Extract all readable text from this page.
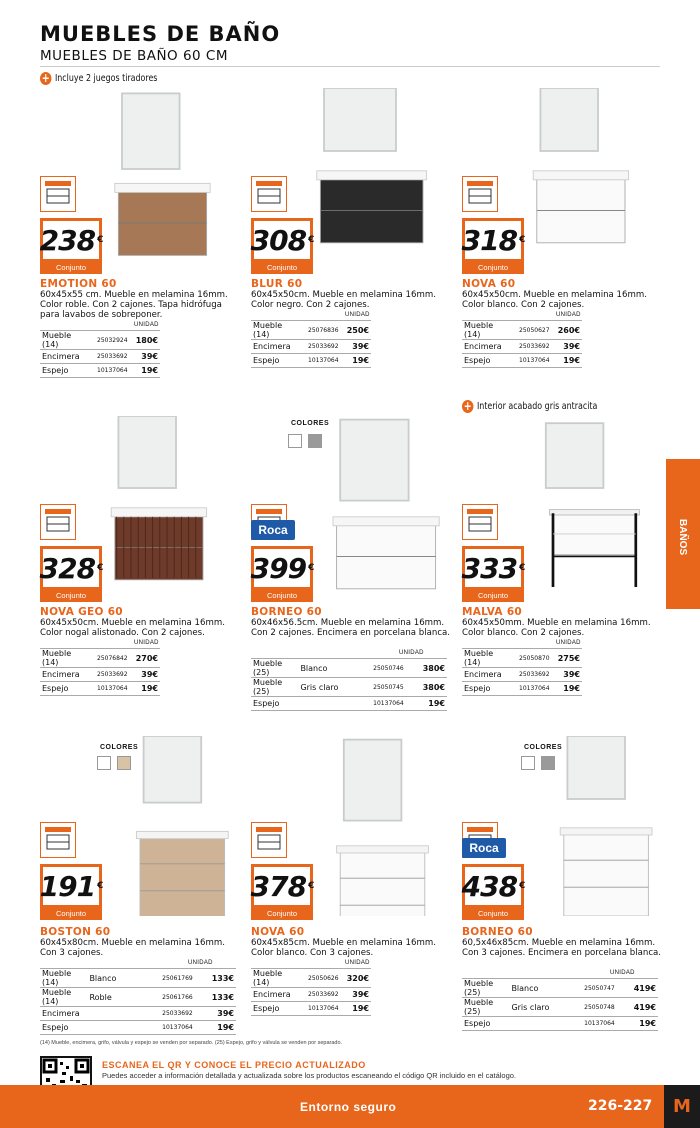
MUEBLES DE BAÑO
MUEBLES DE BAÑO 60 CM
+ Incluye 2 juegos tiradores
+ Interior acabado gris antracita
BAÑOS
238 €
Conjunto
EMOTION 60
60x45x55 cm. Mueble en melamina 16mm. Color roble. Con 2 cajones. Tapa hidrófuga para lavabos de sobreponer.
UNIDAD
Mueble (14)		25032924	180€
Encimera		25033692	39€
Espejo		10137064	19€
308 €
Conjunto
BLUR 60
60x45x50cm. Mueble en melamina 16mm. Color negro. Con 2 cajones.
UNIDAD
Mueble (14)		25076836	250€
Encimera		25033692	39€
Espejo		10137064	19€
318 €
Conjunto
NOVA 60
60x45x50cm. Mueble en melamina 16mm. Color blanco. Con 2 cajones.
UNIDAD
Mueble (14)		25050627	260€
Encimera		25033692	39€
Espejo		10137064	19€
328 €
Conjunto
NOVA GEO 60
60x45x50cm. Mueble en melamina 16mm. Color nogal alistonado. Con 2 cajones.
UNIDAD
Mueble (14)		25076842	270€
Encimera		25033692	39€
Espejo		10137064	19€
COLORES
Roca
399 €
Conjunto
BORNEO 60
60x46x56.5cm. Mueble en melamina 16mm. Con 2 cajones. Encimera en porcelana blanca.
UNIDAD
Mueble (25)	Blanco	25050746	380€
Mueble (25)	Gris claro	25050745	380€
Espejo		10137064	19€
333 €
Conjunto
MALVA 60
60x45x50mm. Mueble en melamina 16mm. Color blanco. Con 2 cajones.
UNIDAD
Mueble (14)		25050870	275€
Encimera		25033692	39€
Espejo		10137064	19€
COLORES
191 €
Conjunto
BOSTON 60
60x45x80cm. Mueble en melamina 16mm. Con 3 cajones.
UNIDAD
Mueble (14)	Blanco	25061769	133€
Mueble (14)	Roble	25061766	133€
Encimera		25033692	39€
Espejo		10137064	19€
378 €
Conjunto
NOVA 60
60x45x85cm. Mueble en melamina 16mm. Color blanco. Con 3 cajones.
UNIDAD
Mueble (14)		25050626	320€
Encimera		25033692	39€
Espejo		10137064	19€
COLORES
Roca
438 €
Conjunto
BORNEO 60
60,5x46x85cm. Mueble en melamina 16mm. Con 3 cajones. Encimera en porcelana blanca.
UNIDAD
Mueble (25)	Blanco	25050747	419€
Mueble (25)	Gris claro	25050748	419€
Espejo		10137064	19€
(14) Mueble, encimera, grifo, válvula y espejo se venden por separado. (25) Espejo, grifo y válvula se venden por separado.
ESCANEA EL QR Y CONOCE EL PRECIO ACTUALIZADO
Puedes acceder a información detallada y actualizada sobre los productos escaneando el código QR incluido en el catálogo.
Entorno seguro	226-227	M
